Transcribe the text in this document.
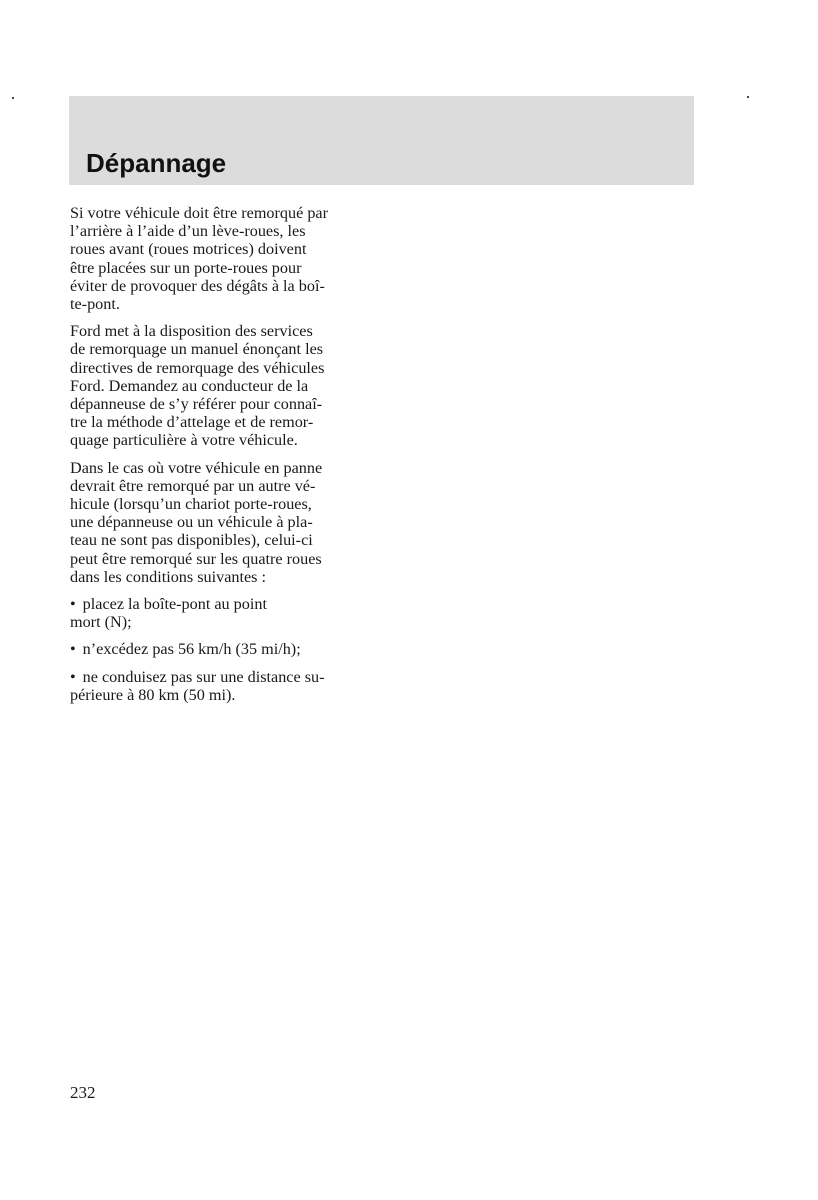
Dépannage

Si votre véhicule doit être remorqué par
l’arrière à l’aide d’un lève-roues, les
roues avant (roues motrices) doivent
être placées sur un porte-roues pour
éviter de provoquer des dégâts à la boî-
te-pont.

Ford met à la disposition des services
de remorquage un manuel énonçant les
directives de remorquage des véhicules
Ford. Demandez au conducteur de la
dépanneuse de s’y référer pour connaî-
tre la méthode d’attelage et de remor-
quage particulière à votre véhicule.

Dans le cas où votre véhicule en panne
devrait être remorqué par un autre vé-
hicule (lorsqu’un chariot porte-roues,
une dépanneuse ou un véhicule à pla-
teau ne sont pas disponibles), celui-ci
peut être remorqué sur les quatre roues
dans les conditions suivantes :

• placez la boîte-pont au point
mort (N);
• n’excédez pas 56 km/h (35 mi/h);
• ne conduisez pas sur une distance su-
périeure à 80 km (50 mi).
232
